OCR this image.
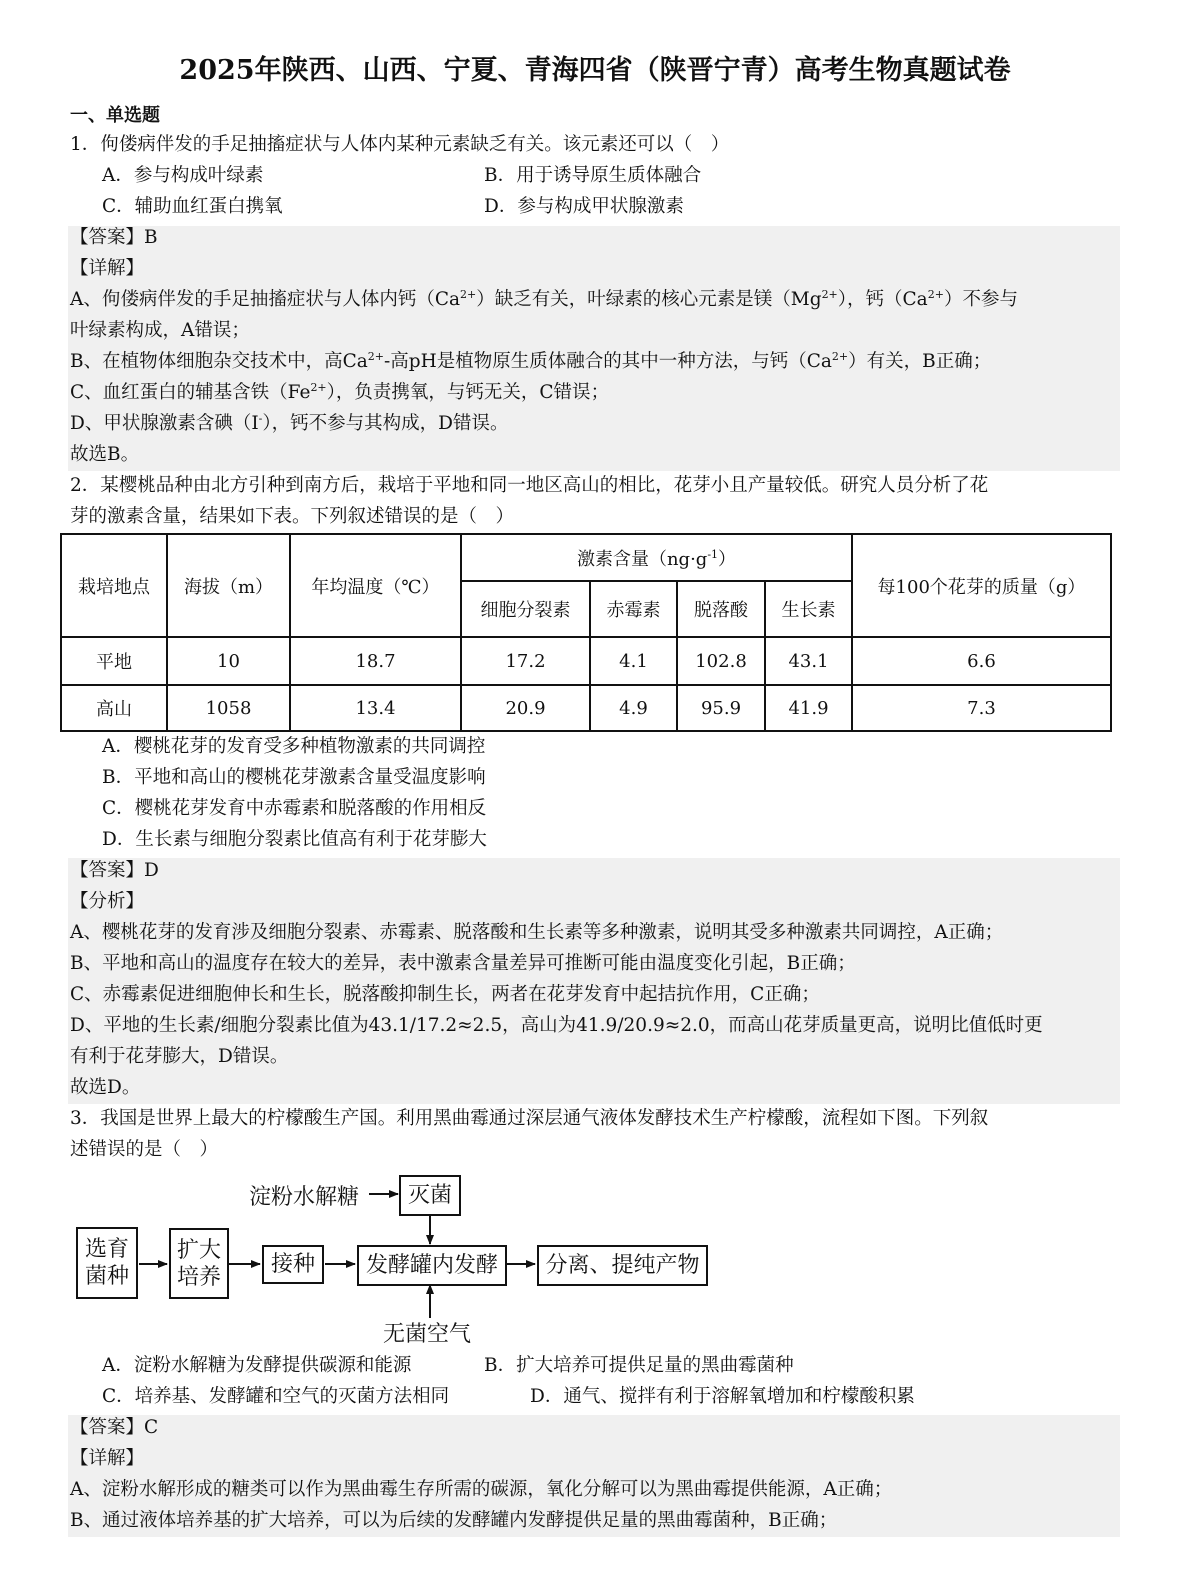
2025年陕西、山西、宁夏、青海四省（陕晋宁青）高考生物真题试卷
一、单选题
1．佝偻病伴发的手足抽搐症状与人体内某种元素缺乏有关。该元素还可以（　）
A．参与构成叶绿素	B．用于诱导原生质体融合
C．辅助血红蛋白携氧	D．参与构成甲状腺激素
【答案】B
【详解】
A、佝偻病伴发的手足抽搐症状与人体内钙$(Ca^{2+})$缺乏有关，叶绿素的核心元素是镁$(Mg^{2+})$，钙$(Ca^{2+})$不参与
叶绿素构成，A错误；
B、在植物体细胞杂交技术中，高$Ca^{2+}-$高pH是植物原生质体融合的其中一种方法，与钙$(Ca^{2+})$有关，B正确；
C、血红蛋白的辅基含铁$(Fe^{2+})$，负责携氧，与钙无关，C错误；
D、甲状腺激素含碘（I-），钙不参与其构成，D错误。
故选B。
2．某樱桃品种由北方引种到南方后，栽培于平地和同一地区高山的相比，花芽小且产量较低。研究人员分析了花
芽的激素含量，结果如下表。下列叙述错误的是（　）
栽培地点	海拔（m）	年均温度（℃）	激素含量$(ng\cdot g^{-1})$				每100个花芽的质量（g）
			细胞分裂素	赤霉素	脱落酸	生长素	
平地	10	18.7	17.2	4.1	102.8	43.1	6.6
高山	1058	13.4	20.9	4.9	95.9	41.9	7.3
A．樱桃花芽的发育受多种植物激素的共同调控
B．平地和高山的樱桃花芽激素含量受温度影响
C．樱桃花芽发育中赤霉素和脱落酸的作用相反
D．生长素与细胞分裂素比值高有利于花芽膨大
【答案】D
【分析】
A、樱桃花芽的发育涉及细胞分裂素、赤霉素、脱落酸和生长素等多种激素，说明其受多种激素共同调控，A正确；
B、平地和高山的温度存在较大的差异，表中激素含量差异可推断可能由温度变化引起，B正确；
C、赤霉素促进细胞伸长和生长，脱落酸抑制生长，两者在花芽发育中起拮抗作用，C正确；
D、平地的生长素/细胞分裂素比值为43.1/17.2≈2.5，高山为41.9/20.9≈2.0，而高山花芽质量更高，说明比值低时更
有利于花芽膨大，D错误。
故选D。
3．我国是世界上最大的柠檬酸生产国。利用黑曲霉通过深层通气液体发酵技术生产柠檬酸，流程如下图。下列叙
述错误的是（　）
淀粉水解糖	灭菌
选育
菌种
扩大
培养	接种	发酵罐内发酵	分离、提纯产物
无菌空气
A．淀粉水解糖为发酵提供碳源和能源	B．扩大培养可提供足量的黑曲霉菌种
C．培养基、发酵罐和空气的灭菌方法相同	D．通气、搅拌有利于溶解氧增加和柠檬酸积累
【答案】C
【详解】
A、淀粉水解形成的糖类可以作为黑曲霉生存所需的碳源，氧化分解可以为黑曲霉提供能源，A正确；
B、通过液体培养基的扩大培养，可以为后续的发酵罐内发酵提供足量的黑曲霉菌种，B正确；
